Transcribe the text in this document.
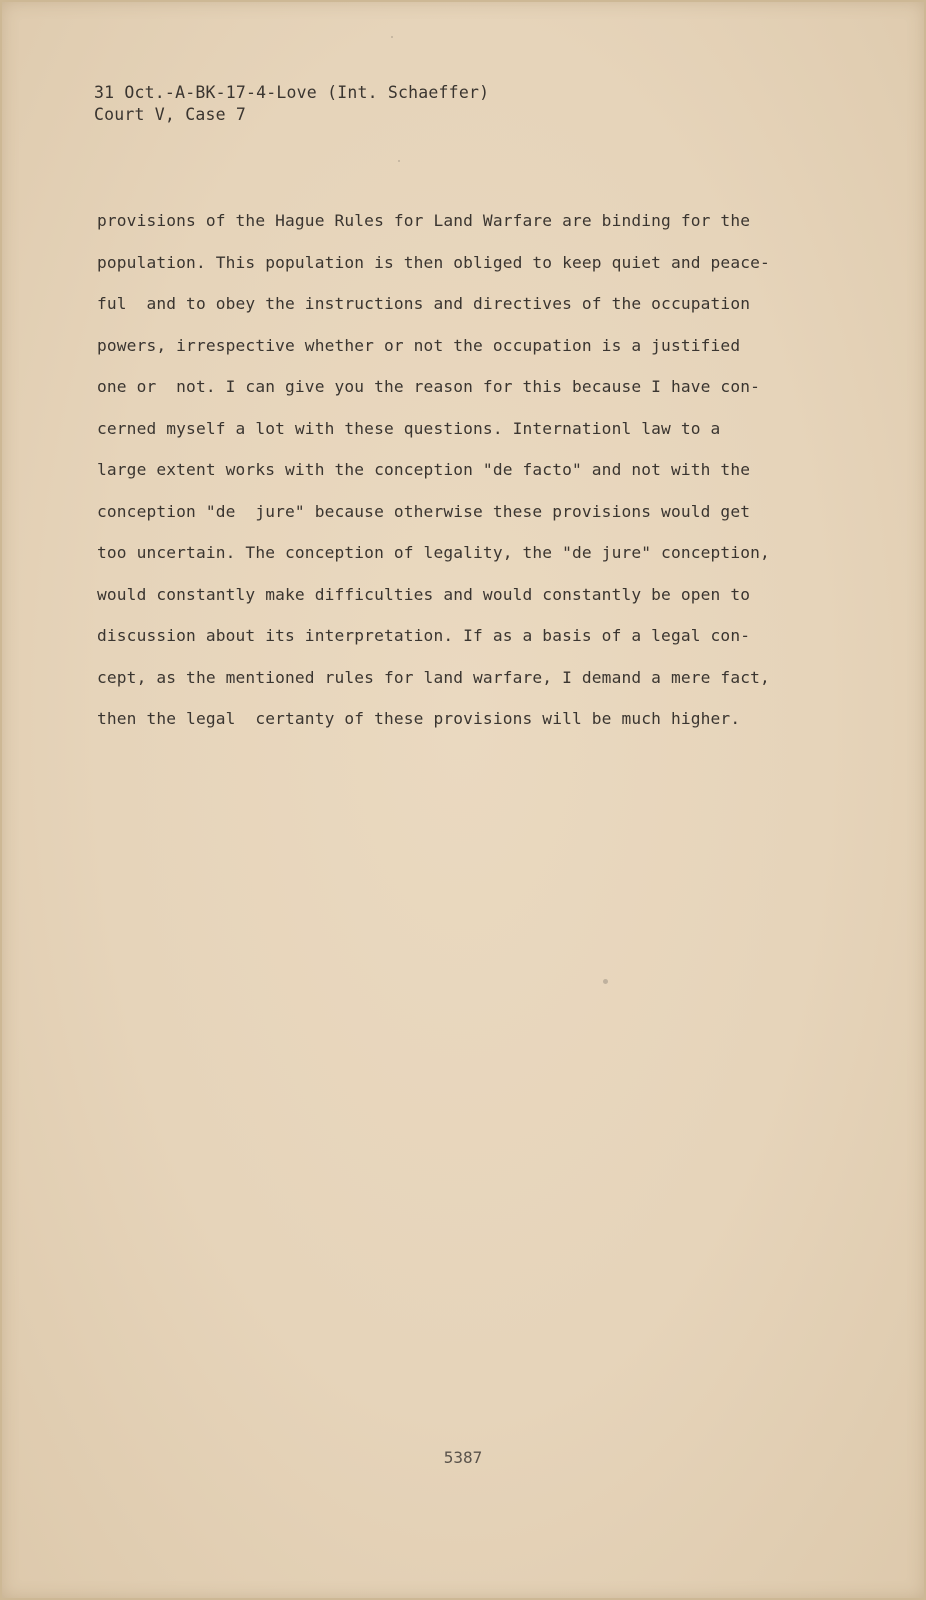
31 Oct.-A-BK-17-4-Love (Int. Schaeffer)
Court V, Case 7
provisions of the Hague Rules for Land Warfare are binding for the
population. This population is then obliged to keep quiet and peace-
ful  and to obey the instructions and directives of the occupation
powers, irrespective whether or not the occupation is a justified
one or  not. I can give you the reason for this because I have con-
cerned myself a lot with these questions. Internationl law to a
large extent works with the conception "de facto" and not with the
conception "de  jure" because otherwise these provisions would get
too uncertain. The conception of legality, the "de jure" conception,
would constantly make difficulties and would constantly be open to
discussion about its interpretation. If as a basis of a legal con-
cept, as the mentioned rules for land warfare, I demand a mere fact,
then the legal  certanty of these provisions will be much higher.
5387
